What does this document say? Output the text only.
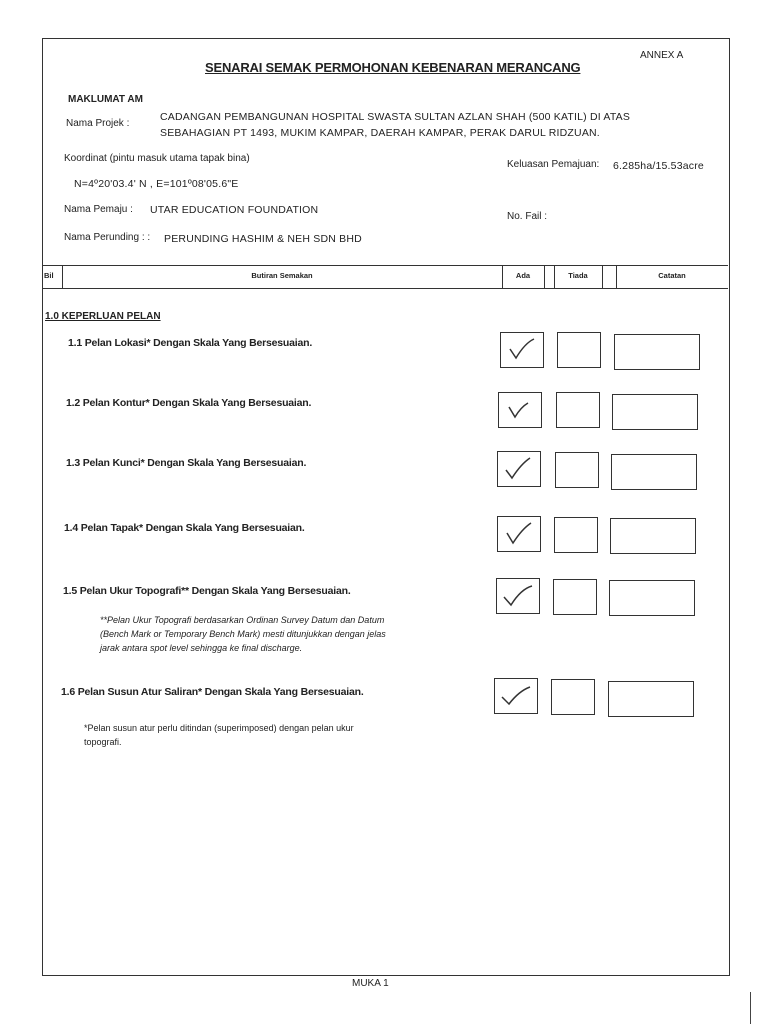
ANNEX A
SENARAI SEMAK PERMOHONAN KEBENARAN MERANCANG
MAKLUMAT AM
Nama Projek :
CADANGAN PEMBANGUNAN HOSPITAL SWASTA SULTAN AZLAN SHAH (500 KATIL) DI ATAS
SEBAHAGIAN PT 1493, MUKIM KAMPAR, DAERAH KAMPAR, PERAK DARUL RIDZUAN.
Koordinat (pintu masuk utama tapak bina)
N=4º20'03.4' N , E=101º08'05.6"E
Keluasan Pemajuan: 6.285ha/15.53acre
Nama Pemaju : UTAR EDUCATION FOUNDATION
No. Fail :
Nama Perunding : : PERUNDING HASHIM & NEH SDN BHD
Bil	Butiran Semakan	Ada	Tiada	Catatan
1.0 KEPERLUAN PELAN
1.1 Pelan Lokasi* Dengan Skala Yang Bersesuaian.
1.2 Pelan Kontur* Dengan Skala Yang Bersesuaian.
1.3 Pelan Kunci* Dengan Skala Yang Bersesuaian.
1.4 Pelan Tapak* Dengan Skala Yang Bersesuaian.
1.5 Pelan Ukur Topografi** Dengan Skala Yang Bersesuaian.
**Pelan Ukur Topografi berdasarkan Ordinan Survey Datum dan Datum (Bench Mark or Temporary Bench Mark) mesti ditunjukkan dengan jelas jarak antara spot level sehingga ke final discharge.
1.6 Pelan Susun Atur Saliran* Dengan Skala Yang Bersesuaian.
*Pelan susun atur perlu ditindan (superimposed) dengan pelan ukur topografi.
MUKA 1
